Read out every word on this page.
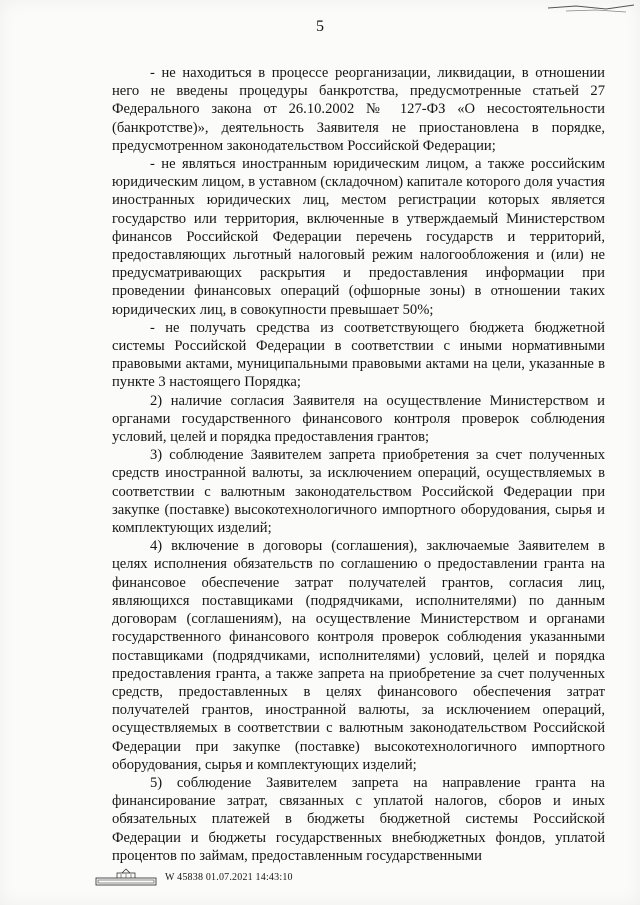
5

- не находиться в процессе реорганизации, ликвидации, в отношении него не введены процедуры банкротства, предусмотренные статьей 27 Федерального закона от 26.10.2002 № 127-ФЗ «О несостоятельности (банкротстве)», деятельность Заявителя не приостановлена в порядке, предусмотренном законодательством Российской Федерации;

- не являться иностранным юридическим лицом, а также российским юридическим лицом, в уставном (складочном) капитале которого доля участия иностранных юридических лиц, местом регистрации которых является государство или территория, включенные в утверждаемый Министерством финансов Российской Федерации перечень государств и территорий, предоставляющих льготный налоговый режим налогообложения и (или) не предусматривающих раскрытия и предоставления информации при проведении финансовых операций (офшорные зоны) в отношении таких юридических лиц, в совокупности превышает 50%;

- не получать средства из соответствующего бюджета бюджетной системы Российской Федерации в соответствии с иными нормативными правовыми актами, муниципальными правовыми актами на цели, указанные в пункте 3 настоящего Порядка;

2) наличие согласия Заявителя на осуществление Министерством и органами государственного финансового контроля проверок соблюдения условий, целей и порядка предоставления грантов;

3) соблюдение Заявителем запрета приобретения за счет полученных средств иностранной валюты, за исключением операций, осуществляемых в соответствии с валютным законодательством Российской Федерации при закупке (поставке) высокотехнологичного импортного оборудования, сырья и комплектующих изделий;

4) включение в договоры (соглашения), заключаемые Заявителем в целях исполнения обязательств по соглашению о предоставлении гранта на финансовое обеспечение затрат получателей грантов, согласия лиц, являющихся поставщиками (подрядчиками, исполнителями) по данным договорам (соглашениям), на осуществление Министерством и органами государственного финансового контроля проверок соблюдения указанными поставщиками (подрядчиками, исполнителями) условий, целей и порядка предоставления гранта, а также запрета на приобретение за счет полученных средств, предоставленных в целях финансового обеспечения затрат получателей грантов, иностранной валюты, за исключением операций, осуществляемых в соответствии с валютным законодательством Российской Федерации при закупке (поставке) высокотехнологичного импортного оборудования, сырья и комплектующих изделий;

5) соблюдение Заявителем запрета на направление гранта на финансирование затрат, связанных с уплатой налогов, сборов и иных обязательных платежей в бюджеты бюджетной системы Российской Федерации и бюджеты государственных внебюджетных фондов, уплатой процентов по займам, предоставленным государственными

W 45838 01.07.2021 14:43:10
